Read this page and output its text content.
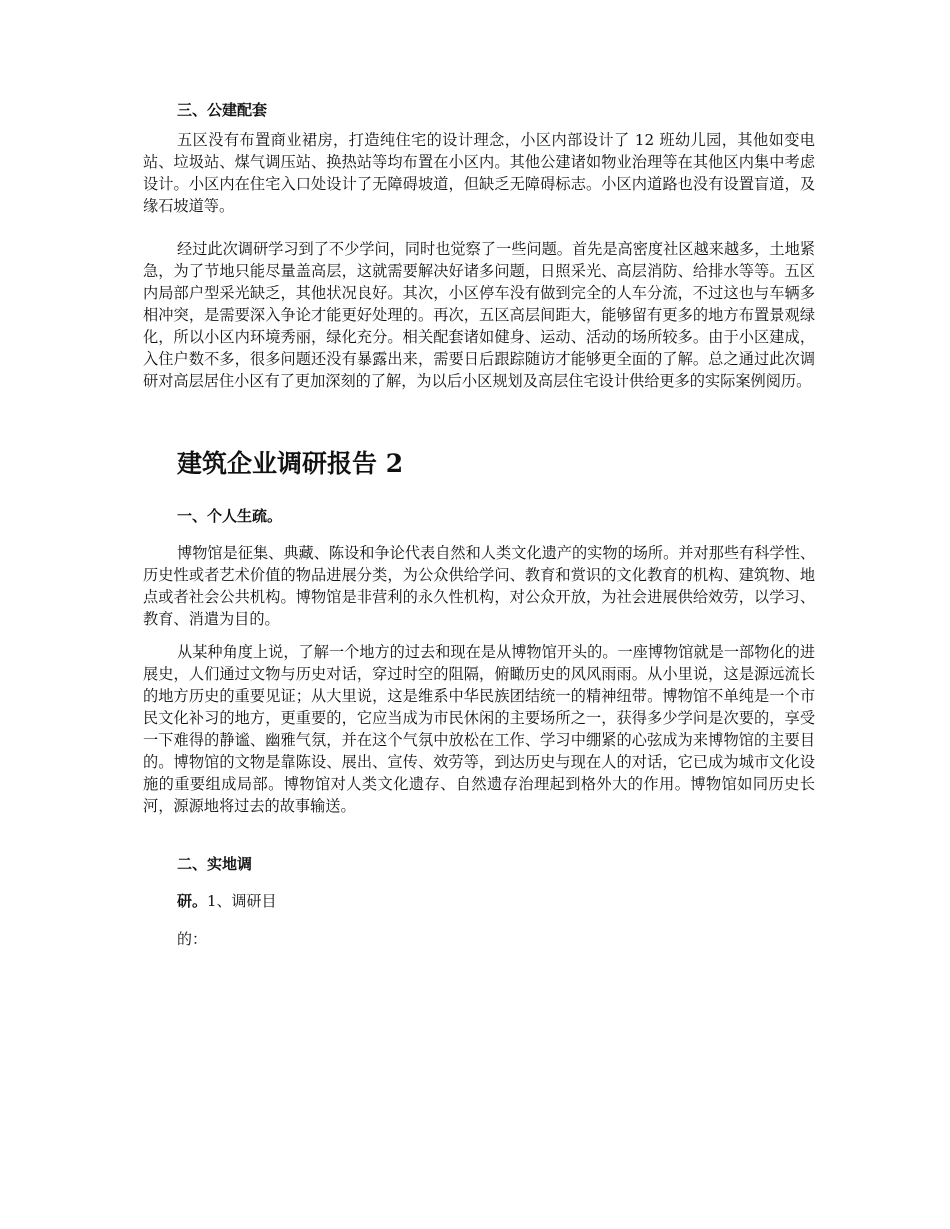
三、公建配套

五区没有布置商业裙房，打造纯住宅的设计理念，小区内部设计了 12 班幼儿园，其他如变电站、垃圾站、煤气调压站、换热站等均布置在小区内。其他公建诸如物业治理等在其他区内集中考虑设计。小区内在住宅入口处设计了无障碍坡道，但缺乏无障碍标志。小区内道路也没有设置盲道，及缘石坡道等。

经过此次调研学习到了不少学问，同时也觉察了一些问题。首先是高密度社区越来越多，土地紧急，为了节地只能尽量盖高层，这就需要解决好诸多问题，日照采光、高层消防、给排水等等。五区内局部户型采光缺乏，其他状况良好。其次，小区停车没有做到完全的人车分流，不过这也与车辆多相冲突，是需要深入争论才能更好处理的。再次，五区高层间距大，能够留有更多的地方布置景观绿化，所以小区内环境秀丽，绿化充分。相关配套诸如健身、运动、活动的场所较多。由于小区建成，入住户数不多，很多问题还没有暴露出来，需要日后跟踪随访才能够更全面的了解。总之通过此次调研对高层居住小区有了更加深刻的了解，为以后小区规划及高层住宅设计供给更多的实际案例阅历。

建筑企业调研报告 2

一、个人生疏。

博物馆是征集、典藏、陈设和争论代表自然和人类文化遗产的实物的场所。并对那些有科学性、历史性或者艺术价值的物品进展分类，为公众供给学问、教育和赏识的文化教育的机构、建筑物、地点或者社会公共机构。博物馆是非营利的永久性机构，对公众开放，为社会进展供给效劳，以学习、教育、消遣为目的。

从某种角度上说，了解一个地方的过去和现在是从博物馆开头的。一座博物馆就是一部物化的进展史，人们通过文物与历史对话，穿过时空的阻隔，俯瞰历史的风风雨雨。从小里说，这是源远流长的地方历史的重要见证；从大里说，这是维系中华民族团结统一的精神纽带。博物馆不单纯是一个市民文化补习的地方，更重要的，它应当成为市民休闲的主要场所之一，获得多少学问是次要的，享受一下难得的静谧、幽雅气氛，并在这个气氛中放松在工作、学习中绷紧的心弦成为来博物馆的主要目的。博物馆的文物是靠陈设、展出、宣传、效劳等，到达历史与现在人的对话，它已成为城市文化设施的重要组成局部。博物馆对人类文化遗存、自然遗存治理起到格外大的作用。博物馆如同历史长河，源源地将过去的故事输送。

二、实地调

研。1、调研目

的：
